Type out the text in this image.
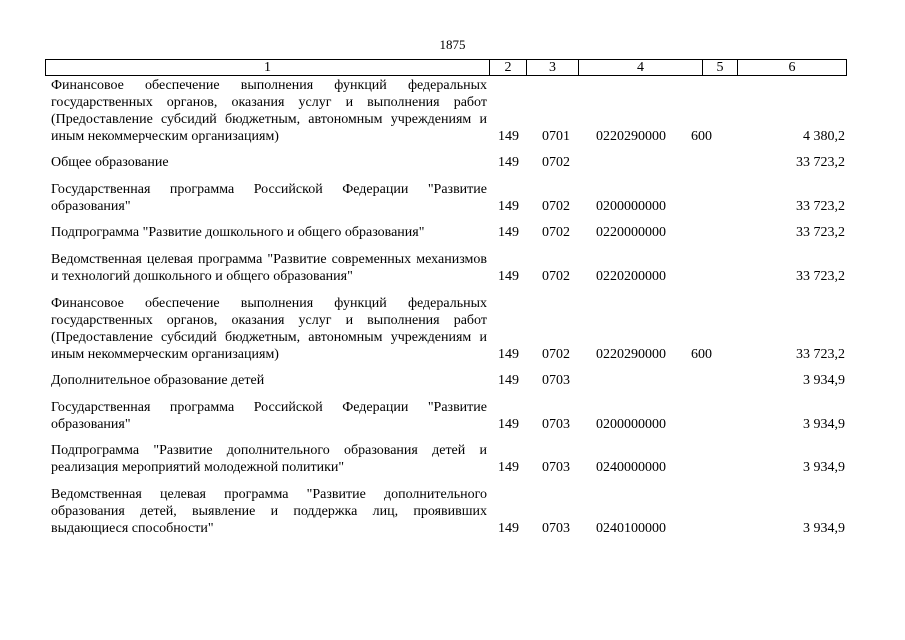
1875
1	2	3	4	5	6
Финансовое обеспечение выполнения функций федеральных государственных органов, оказания услуг и выполнения работ (Предоставление субсидий бюджетным, автономным учреждениям и иным некоммерческим организациям)	149 0701 0220290000 600	4 380,2
Общее образование	149 0702	33 723,2
Государственная программа Российской Федерации "Развитие образования"	149 0702 0200000000	33 723,2
Подпрограмма "Развитие дошкольного и общего образования"	149 0702 0220000000	33 723,2
Ведомственная целевая программа "Развитие современных механизмов и технологий дошкольного и общего образования"	149 0702 0220200000	33 723,2
Финансовое обеспечение выполнения функций федеральных государственных органов, оказания услуг и выполнения работ (Предоставление субсидий бюджетным, автономным учреждениям и иным некоммерческим организациям)	149 0702 0220290000 600	33 723,2
Дополнительное образование детей	149 0703	3 934,9
Государственная программа Российской Федерации "Развитие образования"	149 0703 0200000000	3 934,9
Подпрограмма "Развитие дополнительного образования детей и реализация мероприятий молодежной политики"	149 0703 0240000000	3 934,9
Ведомственная целевая программа "Развитие дополнительного образования детей, выявление и поддержка лиц, проявивших выдающиеся способности"	149 0703 0240100000	3 934,9
